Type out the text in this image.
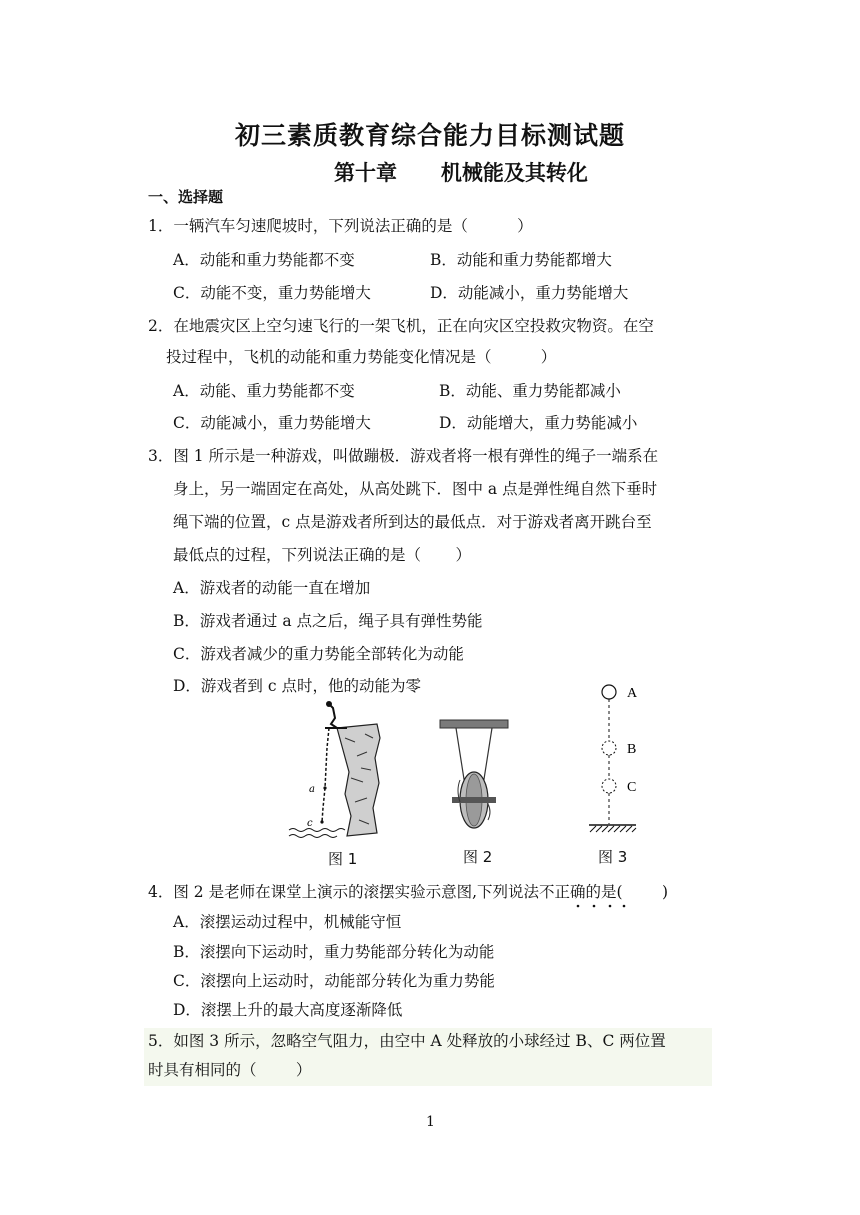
初三素质教育综合能力目标测试题
第十章      机械能及其转化
一、选择题
1．一辆汽车匀速爬坡时，下列说法正确的是（          ）
A．动能和重力势能都不变	B．动能和重力势能都增大
C．动能不变，重力势能增大	D．动能减小，重力势能增大
2．在地震灾区上空匀速飞行的一架飞机，正在向灾区空投救灾物资。在空
投过程中，飞机的动能和重力势能变化情况是（          ）
A．动能、重力势能都不变	B．动能、重力势能都减小
C．动能减小，重力势能增大	D．动能增大，重力势能减小
3．图 1 所示是一种游戏，叫做蹦极．游戏者将一根有弹性的绳子一端系在
身上，另一端固定在高处，从高处跳下．图中 a 点是弹性绳自然下垂时
绳下端的位置，c 点是游戏者所到达的最低点．对于游戏者离开跳台至
最低点的过程，下列说法正确的是（       ）
A．游戏者的动能一直在增加
B．游戏者通过 a 点之后，绳子具有弹性势能
C．游戏者减少的重力势能全部转化为动能
D．游戏者到 c 点时，他的动能为零
a
c
A
B
C
图 1	图 2	图 3
4．图 2 是老师在课堂上演示的滚摆实验示意图,下列说法不正确的是(        )
A．滚摆运动过程中，机械能守恒
B．滚摆向下运动时，重力势能部分转化为动能
C．滚摆向上运动时，动能部分转化为重力势能
D．滚摆上升的最大高度逐渐降低
5．如图 3 所示，忽略空气阻力，由空中 A 处释放的小球经过 B、C 两位置
时具有相同的（        ）
1
